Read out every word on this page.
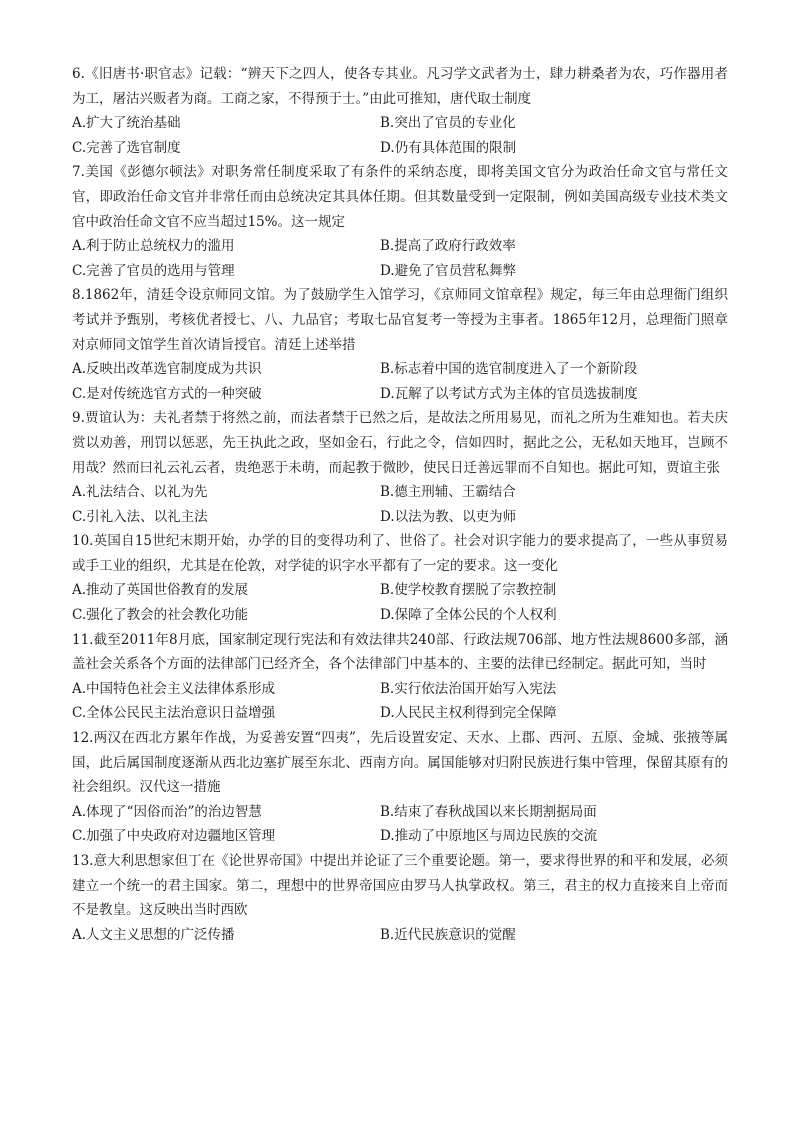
6.《旧唐书·职官志》记载：“辨天下之四人，使各专其业。凡习学文武者为士，肆力耕桑者为农，巧作器用者为工，屠沽兴贩者为商。工商之家，不得预于士。”由此可推知，唐代取士制度
A.扩大了统治基础	B.突出了官员的专业化
C.完善了选官制度	D.仍有具体范围的限制
7.美国《彭德尔顿法》对职务常任制度采取了有条件的采纳态度，即将美国文官分为政治任命文官与常任文官，即政治任命文官并非常任而由总统决定其具体任期。但其数量受到一定限制，例如美国高级专业技术类文官中政治任命文官不应当超过15%。这一规定
A.利于防止总统权力的滥用	B.提高了政府行政效率
C.完善了官员的选用与管理	D.避免了官员营私舞弊
8.1862年，清廷令设京师同文馆。为了鼓励学生入馆学习，《京师同文馆章程》规定，每三年由总理衙门组织考试并予甄别，考核优者授七、八、九品官；考取七品官复考一等授为主事者。1865年12月，总理衙门照章对京师同文馆学生首次请旨授官。清廷上述举措
A.反映出改革选官制度成为共识	B.标志着中国的选官制度进入了一个新阶段
C.是对传统选官方式的一种突破	D.瓦解了以考试方式为主体的官员选拔制度
9.贾谊认为：夫礼者禁于将然之前，而法者禁于已然之后，是故法之所用易见，而礼之所为生难知也。若夫庆赏以劝善，刑罚以惩恶，先王执此之政，坚如金石，行此之令，信如四时，据此之公，无私如天地耳，岂顾不用哉？然而曰礼云礼云者，贵绝恶于未萌，而起教于微眇，使民日迁善远罪而不自知也。据此可知，贾谊主张
A.礼法结合、以礼为先	B.德主刑辅、王霸结合
C.引礼入法、以礼主法	D.以法为教、以吏为师
10.英国自15世纪末期开始，办学的目的变得功利了、世俗了。社会对识字能力的要求提高了，一些从事贸易或手工业的组织，尤其是在伦敦，对学徒的识字水平都有了一定的要求。这一变化
A.推动了英国世俗教育的发展	B.使学校教育摆脱了宗教控制
C.强化了教会的社会教化功能	D.保障了全体公民的个人权利
11.截至2011年8月底，国家制定现行宪法和有效法律共240部、行政法规706部、地方性法规8600多部，涵盖社会关系各个方面的法律部门已经齐全，各个法律部门中基本的、主要的法律已经制定。据此可知，当时
A.中国特色社会主义法律体系形成	B.实行依法治国开始写入宪法
C.全体公民民主法治意识日益增强	D.人民民主权利得到完全保障
12.两汉在西北方累年作战，为妥善安置“四夷”，先后设置安定、天水、上郡、西河、五原、金城、张掖等属国，此后属国制度逐渐从西北边塞扩展至东北、西南方向。属国能够对归附民族进行集中管理，保留其原有的社会组织。汉代这一措施
A.体现了“因俗而治”的治边智慧	B.结束了春秋战国以来长期割据局面
C.加强了中央政府对边疆地区管理	D.推动了中原地区与周边民族的交流
13.意大利思想家但丁在《论世界帝国》中提出并论证了三个重要论题。第一，要求得世界的和平和发展，必须建立一个统一的君主国家。第二，理想中的世界帝国应由罗马人执掌政权。第三，君主的权力直接来自上帝而不是教皇。这反映出当时西欧
A.人文主义思想的广泛传播	B.近代民族意识的觉醒
